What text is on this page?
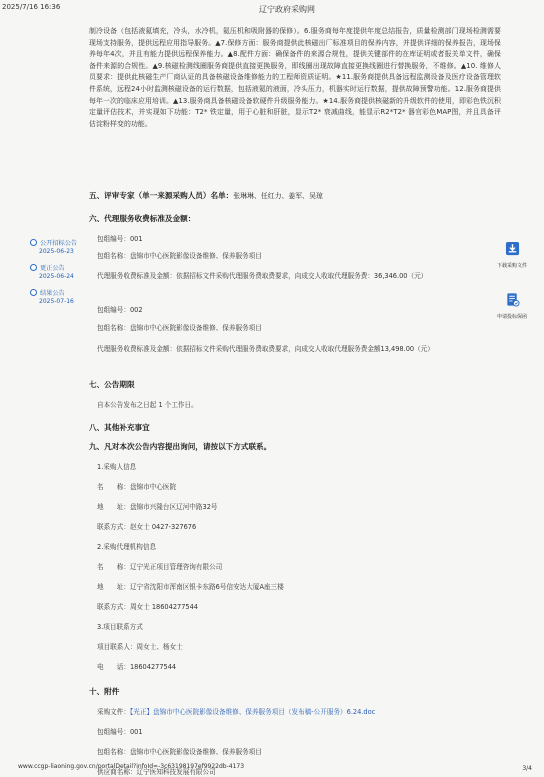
2025/7/16 16:36	辽宁政府采购网
公开招标公告
2025-06-23
更正公告
2025-06-24
结果公告
2025-07-16
下载采购文件
申请投标保函
制冷设备（包括液氦填充，冷头，水冷机，氦压机和吸附器的保修）。6.服务商每年度提供年度总结报告，质量检测部门现场检测需要现场支持服务，提供远程应用指导服务。▲7.保修方面：服务商提供此核磁出厂标准项目的保养内容，并提供详细的保养报告，现场保养每年4次，并且有能力提供远程保养能力。▲8.配件方面：确保备件的来源合规性，提供关键部件的在库证明或者报关单文件，确保备件来源的合规性。▲9.核磁检测线圈服务商提供直接更换服务，即线圈出现故障直接更换线圈进行替换服务，不维修。▲10. 维修人员要求：提供此核磁生产厂商认证的具备核磁设备维修能力的工程师资质证明。★11.服务商提供具备远程监测设备及医疗设备管理软件系统，远程24小时监测核磁设备的运行数据，包括液氦的液面，冷头压力，机器实时运行数据，提供故障预警功能。12.服务商提供每年一次的临床应用培训。▲13.服务商具备核磁设备软硬件升级服务能力。★14.服务商提供核磁新的升级软件的使用，即彩色铁沉积定量评估技术，并实现如下功能：T2* 铁定量，用于心脏和肝脏，显示T2* 衰减曲线，能显示R2*T2* 器官彩色MAP图，并且具备评估淀粉样变的功能。
五、评审专家（单一来源采购人员）名单：张琳琳、任红力、姜军、吴琼
六、代理服务收费标准及金额：
包组编号：001
包组名称：盘锦市中心医院影像设备维修、保养服务项目
代理服务收费标准及金额：依据招标文件采购代理服务费取费要求，向成交人收取代理服务费：36,346.00（元）
包组编号：002
包组名称：盘锦市中心医院影像设备维修、保养服务项目
代理服务收费标准及金额：依据招标文件采购代理服务费取费要求，向成交人收取代理服务费金额13,498.00（元）
七、公告期限
自本公告发布之日起 1 个工作日。
八、其他补充事宜
九、凡对本次公告内容提出询问，请按以下方式联系。
1.采购人信息
名　　称：盘锦市中心医院
地　　址：盘锦市兴隆台区辽河中路32号
联系方式：赵女士 0427-327676
2.采购代理机构信息
名　　称：辽宁光正项目管理咨询有限公司
地　　址：辽宁省沈阳市浑南区银卡东路6号信安达大厦A座三楼
联系方式：周女士 18604277544
3.项目联系方式
项目联系人：周女士、杨女士
电　　话：18604277544
十、附件
采购文件：【光正】盘锦市中心医院影像设备维修、保养服务项目（发布稿-公开服务）6.24.doc
包组编号：001
包组名称：盘锦市中心医院影像设备维修、保养服务项目
供应商名称：辽宁医知科技发展有限公司
www.ccgp-liaoning.gov.cn/portalDetail?infoId=-3c63198197ef9922db-4173	3/4
